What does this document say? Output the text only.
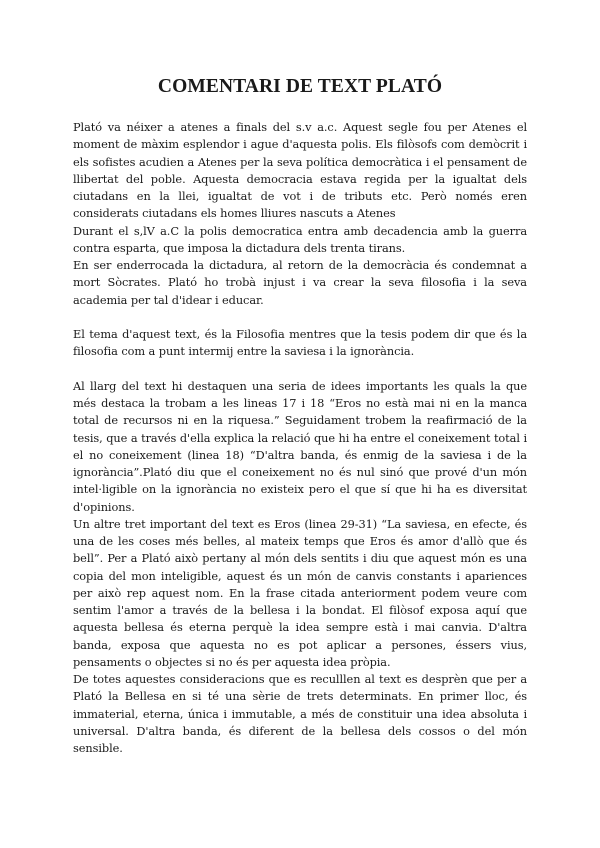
COMENTARI DE TEXT PLATÓ

Plató va néixer a atenes a finals del s.v a.c. Aquest segle fou per Atenes el moment de màxim esplendor i ague d'aquesta polis. Els filòsofs com demòcrit i els sofistes acudien a Atenes per la seva política democràtica i el pensament de llibertat del poble. Aquesta democracia estava regida per la igualtat dels ciutadans en la llei, igualtat de vot i de tributs etc. Però només eren considerats ciutadans els homes lliures nascuts a Atenes

Durant el s,lV a.C la polis democratica entra amb decadencia amb la guerra contra esparta, que imposa la dictadura dels trenta tirans.

En ser enderrocada la dictadura, al retorn de la democràcia és condemnat a mort Sòcrates. Plató ho trobà injust i va crear la seva filosofia i la seva academia per tal d'idear i educar.

El tema d'aquest text, és la Filosofia mentres que la tesis podem dir que és la filosofia com a punt intermij entre la saviesa i la ignorància.

Al llarg del text hi destaquen una seria de idees importants les quals la que més destaca la trobam a les lineas 17 i 18 “Eros no està mai ni en la manca total de recursos ni en la riquesa.” Seguidament trobem la reafirmació de la tesis, que a través d'ella explica la relació que hi ha entre el coneixement total i el no coneixement (linea 18) “D'altra banda, és enmig de la saviesa i de la ignorància”.Plató diu que el coneixement no és nul sinó que prové d'un món intel·ligible on la ignorància no existeix pero el que sí que hi ha es diversitat d'opinions.

Un altre tret important del text es Eros (linea 29-31) “La saviesa, en efecte, és una de les coses més belles, al mateix temps que Eros és amor d'allò que és bell”. Per a Plató això pertany al món dels sentits i diu que aquest món es una copia del mon inteligible, aquest és un món de canvis constants i apariences per això rep aquest nom. En la frase citada anteriorment podem veure com sentim l'amor a través de la bellesa i la bondat. El filòsof exposa aquí que aquesta bellesa és eterna perquè la idea sempre està i mai canvia. D'altra banda, exposa que aquesta no es pot aplicar a persones, éssers vius, pensaments o objectes si no és per aquesta idea pròpia.

De totes aquestes consideracions que es reculllen al text es desprèn que per a Plató la Bellesa en si té una sèrie de trets determinats. En primer lloc, és immaterial, eterna, única i immutable, a més de constituir una idea absoluta i universal. D'altra banda, és diferent de la bellesa dels cossos o del món sensible.
